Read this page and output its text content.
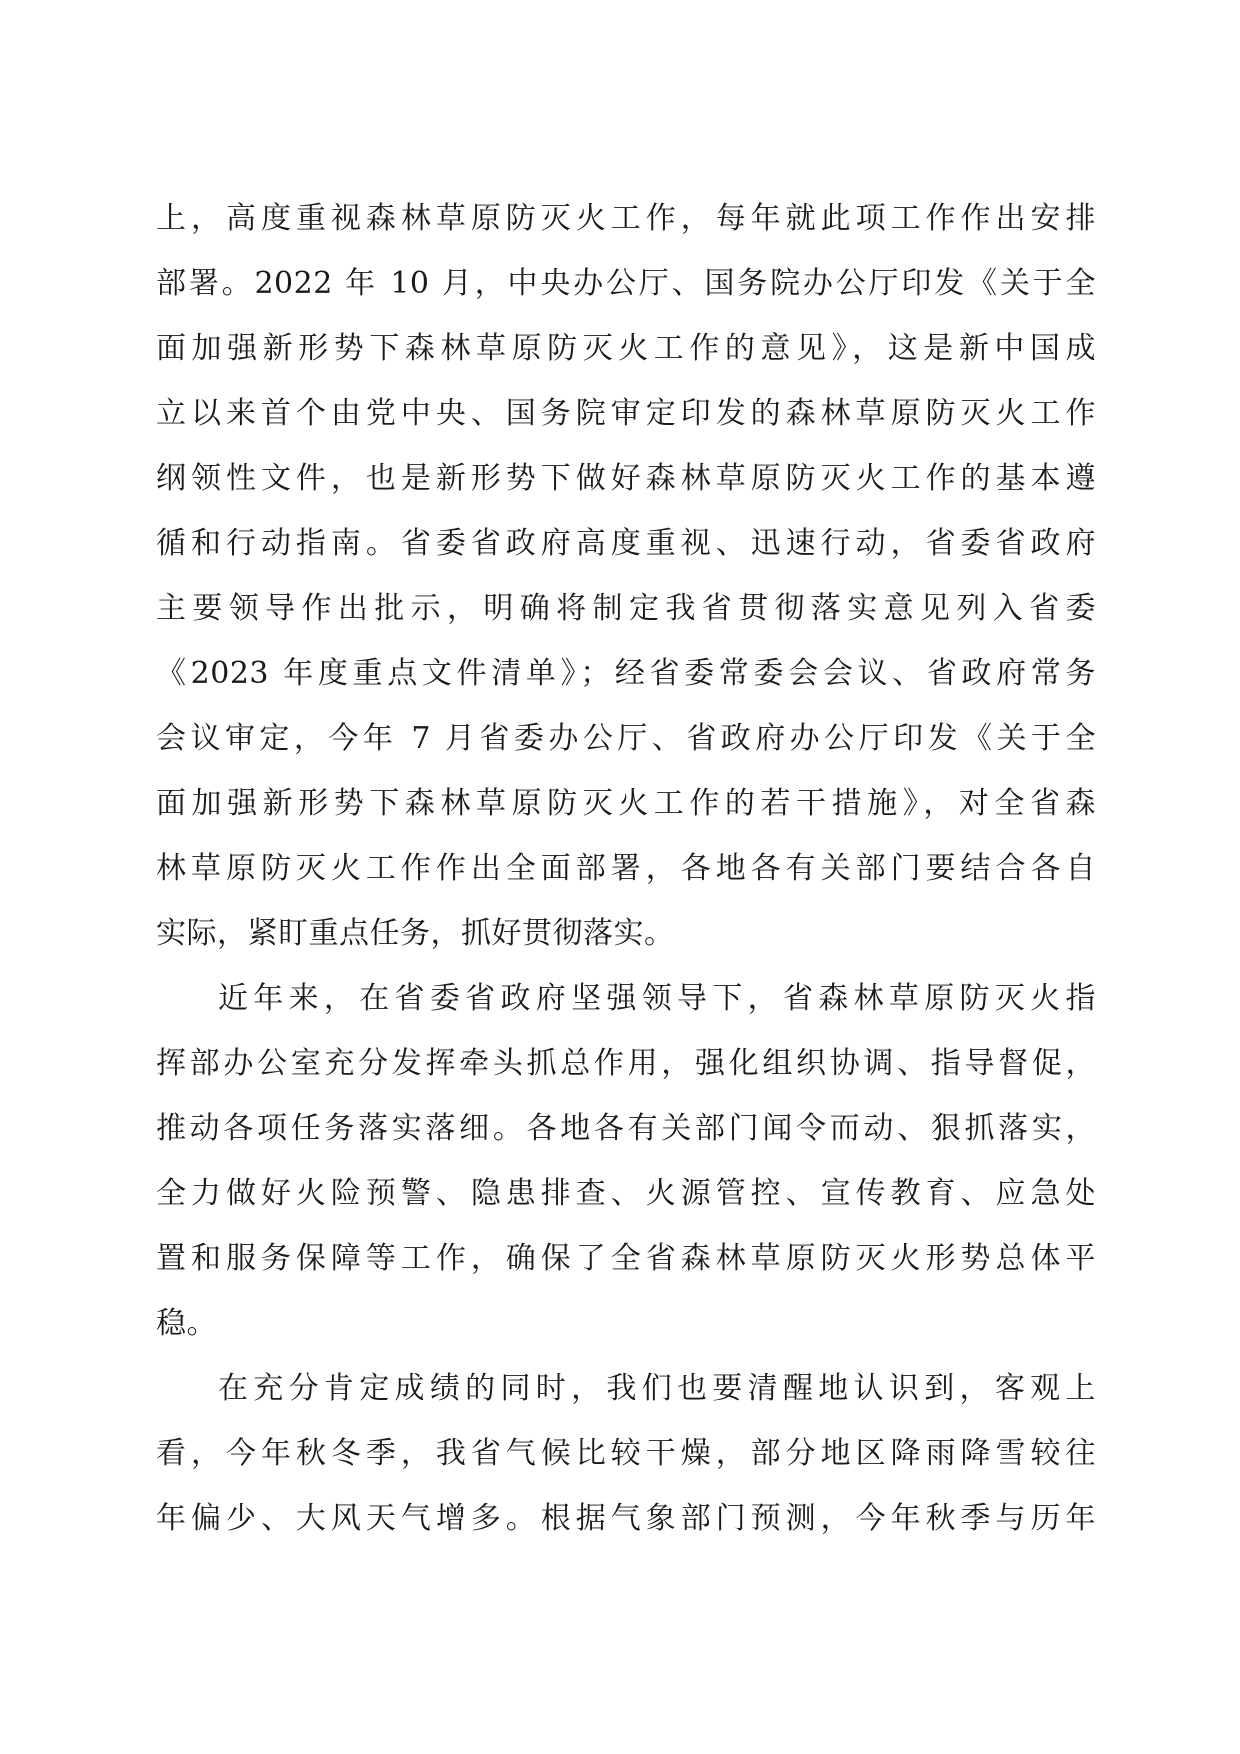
上，高度重视森林草原防灭火工作，每年就此项工作作出安排
部署。2022 年 10 月，中央办公厅、国务院办公厅印发《关于全
面加强新形势下森林草原防灭火工作的意见》，这是新中国成
立以来首个由党中央、国务院审定印发的森林草原防灭火工作
纲领性文件，也是新形势下做好森林草原防灭火工作的基本遵
循和行动指南。省委省政府高度重视、迅速行动，省委省政府
主要领导作出批示，明确将制定我省贯彻落实意见列入省委
《2023 年度重点文件清单》；经省委常委会会议、省政府常务
会议审定，今年 7 月省委办公厅、省政府办公厅印发《关于全
面加强新形势下森林草原防灭火工作的若干措施》，对全省森
林草原防灭火工作作出全面部署，各地各有关部门要结合各自
实际，紧盯重点任务，抓好贯彻落实。
近年来，在省委省政府坚强领导下，省森林草原防灭火指
挥部办公室充分发挥牵头抓总作用，强化组织协调、指导督促，
推动各项任务落实落细。各地各有关部门闻令而动、狠抓落实，
全力做好火险预警、隐患排查、火源管控、宣传教育、应急处
置和服务保障等工作，确保了全省森林草原防灭火形势总体平
稳。
在充分肯定成绩的同时，我们也要清醒地认识到，客观上
看，今年秋冬季，我省气候比较干燥，部分地区降雨降雪较往
年偏少、大风天气增多。根据气象部门预测，今年秋季与历年
